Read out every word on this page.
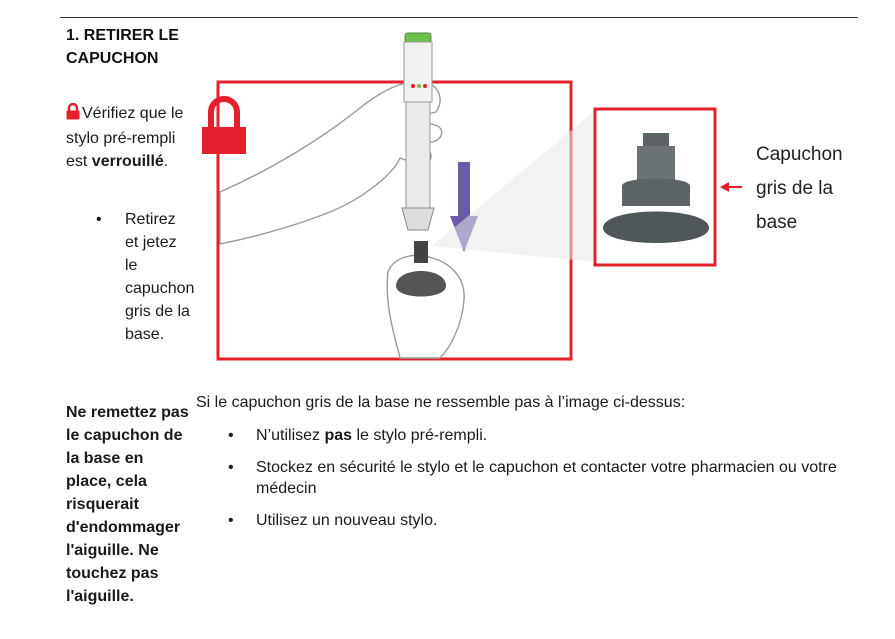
1. RETIRER LE CAPUCHON
Vérifiez que le stylo pré-rempli est verrouillé.
• Retirez et jetez le capuchon gris de la base.
Ne remettez pas le capuchon de la base en place, cela risquerait d'endommager l'aiguille. Ne touchez pas l'aiguille.
Capuchon gris de la base
Si le capuchon gris de la base ne ressemble pas à l’image ci-dessus:
• N’utilisez pas le stylo pré-rempli.
• Stockez en sécurité le stylo et le capuchon et contacter votre pharmacien ou votre médecin
• Utilisez un nouveau stylo.
